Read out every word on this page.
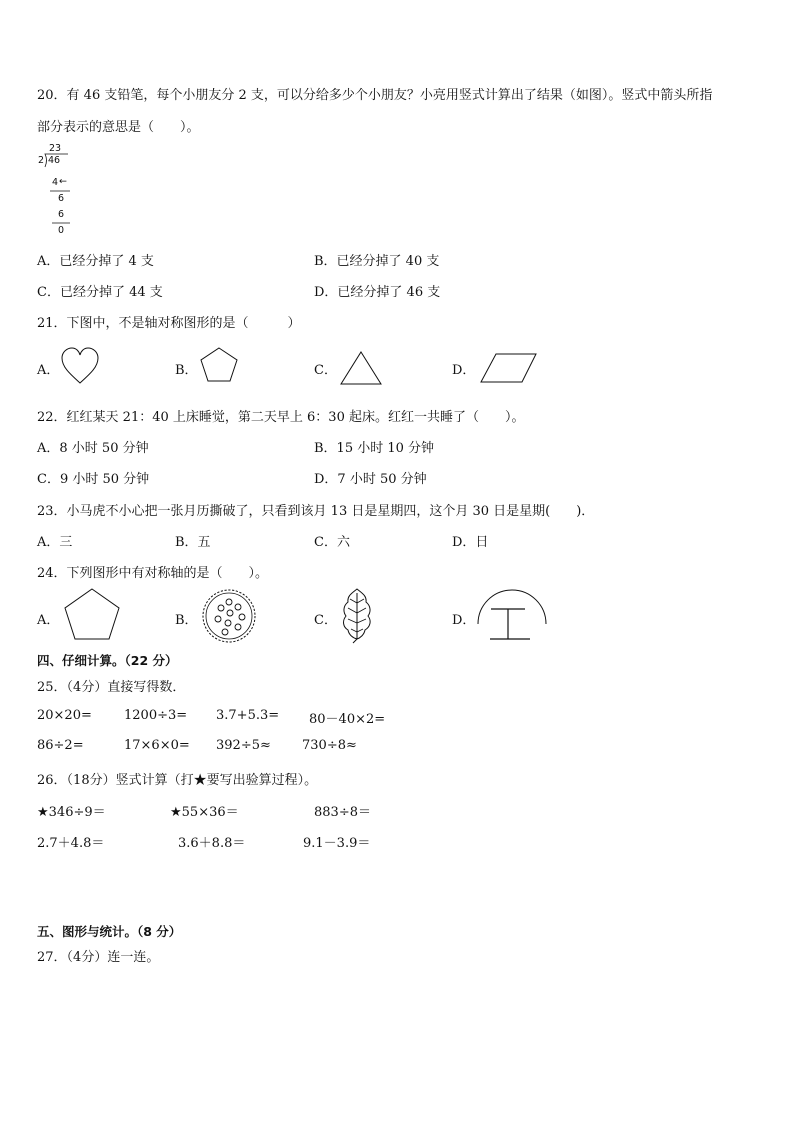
20．有 46 支铅笔，每个小朋友分 2 支，可以分给多少个小朋友？小亮用竖式计算出了结果（如图）。竖式中箭头所指
部分表示的意思是（　　）。
23
2 46
4 ←
6
6
0
A．已经分掉了 4 支	B．已经分掉了 40 支
C．已经分掉了 44 支	D．已经分掉了 46 支
21．下图中，不是轴对称图形的是（　　　）
A．	B．	C．	D．
22．红红某天 21：40 上床睡觉，第二天早上 6：30 起床。红红一共睡了（　　）。
A．8 小时 50 分钟	B．15 小时 10 分钟
C．9 小时 50 分钟	D．7 小时 50 分钟
23．小马虎不小心把一张月历撕破了，只看到该月 13 日是星期四，这个月 30 日是星期(　　)．
A．三	B．五	C．六	D．日
24．下列图形中有对称轴的是（　　）。
A．	B．	C．	D．
四、仔细计算。（22 分）
25．（4分）直接写得数．
20×20= 1200÷3= 3.7+5.3= 80－40×2=
86÷2=	17×6×0= 392÷5≈ 730÷8≈
26．（18分）竖式计算（打★要写出验算过程）。
★346÷9＝	★55×36＝	883÷8＝
2.7＋4.8＝	3.6＋8.8＝	9.1－3.9＝
五、图形与统计。（8 分）
27．（4分）连一连。
